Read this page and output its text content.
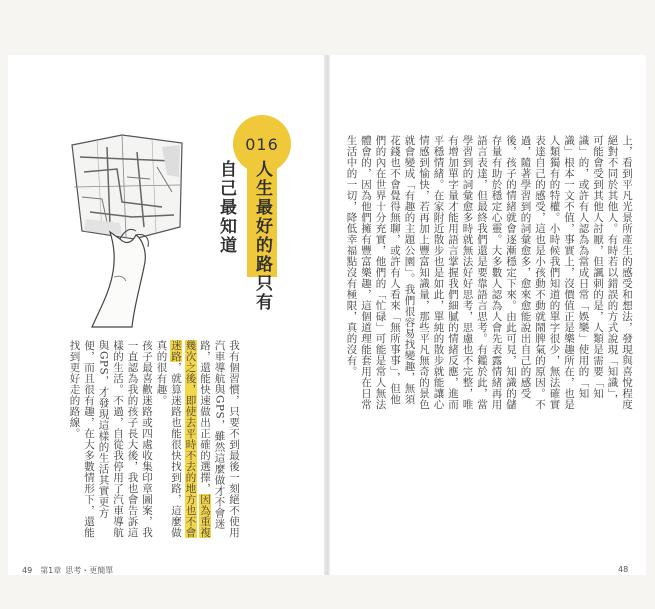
上，看到平凡光景所產生的感受和想法，發現與喜悅程度絕對不同於其他人。有時若以錯誤的方式說現「知識」，可能會受到其他人討厭，但諷刺的是，人類是需要「知識」的，或許有人認為為當成日常「娛樂」使用的「知識」根本一文不值，事實上，沒價值正是樂趣所在，也是人類獨有的特權。小時候我們知道的單字很少，無法確實表達自己的感受，這也是小孩動不動就鬧脾氣的原因。不過，隨著學習到的詞彙愈多，愈來愈能說出自己的感受後，孩子的情緒就會逐漸穩定下來。由此可見，知識的儲存量有助於穩定心靈。大多數人認為人會先表露情緒再用語言表達，但最終我們還是要靠語言思考。有鑑於此，當學習到的詞彙愈多時就無法好好思考，思慮也不完整，唯有增加單字量才能用語言掌握我們細膩的情緒反應，進而平穩情緒。在家附近散步也是如此，單純的散步就能讓心情感到愉快，若再加上豐富知識量，那些平凡無奇的景色就會變成「有趣的主題公園」。我們很容易找變趣，無須花錢也不會覺得無聊，或許有人看來「無所事事」，但他們的內在世界十分充實，他們的「忙碌」可能是常人無法體會的，因為他們擁有豐富樂趣，這個道理能套用在日常生活中的一切，降低幸福點沒有極限，真的沒有。
016
人生最好的路只有自己最知道
我有個習慣，只要不到最後一刻絕不使用汽車導航與GPS，雖然這麼做才不會迷路，還能快速做出正確的選擇，因為重複幾次之後，即使去平時不去的地方也不會迷路，就算迷路也能很快找到路，這麼做真的很有趣。
孩子最喜歡迷路或四處收集印章圖案，我一直認為我的孩子長大後，我也會告訴這樣的生活。不過，自從我停用了汽車導航與GPS，才發現這樣的生活其實更方便，而且很有趣，在大多數情形下，還能找到更好走的路線。
49 第1章 思考・更簡單	48
